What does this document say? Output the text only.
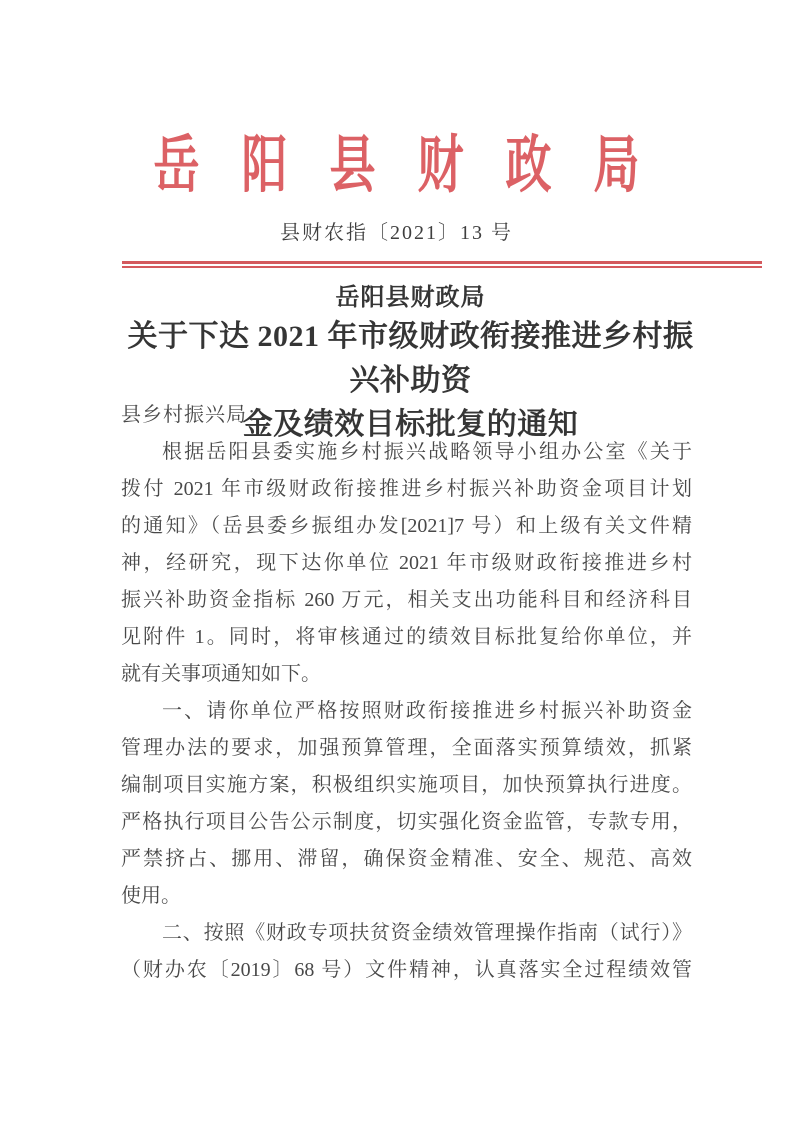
岳阳县财政局
县财农指〔2021〕13 号
岳阳县财政局
关于下达 2021 年市级财政衔接推进乡村振兴补助资
金及绩效目标批复的通知
县乡村振兴局：
根据岳阳县委实施乡村振兴战略领导小组办公室《关于
拨付 2021 年市级财政衔接推进乡村振兴补助资金项目计划
的通知》（岳县委乡振组办发[2021]7 号）和上级有关文件精
神，经研究，现下达你单位 2021 年市级财政衔接推进乡村
振兴补助资金指标 260 万元，相关支出功能科目和经济科目
见附件 1。同时，将审核通过的绩效目标批复给你单位，并
就有关事项通知如下。
一、请你单位严格按照财政衔接推进乡村振兴补助资金
管理办法的要求，加强预算管理，全面落实预算绩效，抓紧
编制项目实施方案，积极组织实施项目，加快预算执行进度。
严格执行项目公告公示制度，切实强化资金监管，专款专用，
严禁挤占、挪用、滞留，确保资金精准、安全、规范、高效
使用。
二、按照《财政专项扶贫资金绩效管理操作指南（试行）》
（财办农〔2019〕68 号）文件精神，认真落实全过程绩效管
